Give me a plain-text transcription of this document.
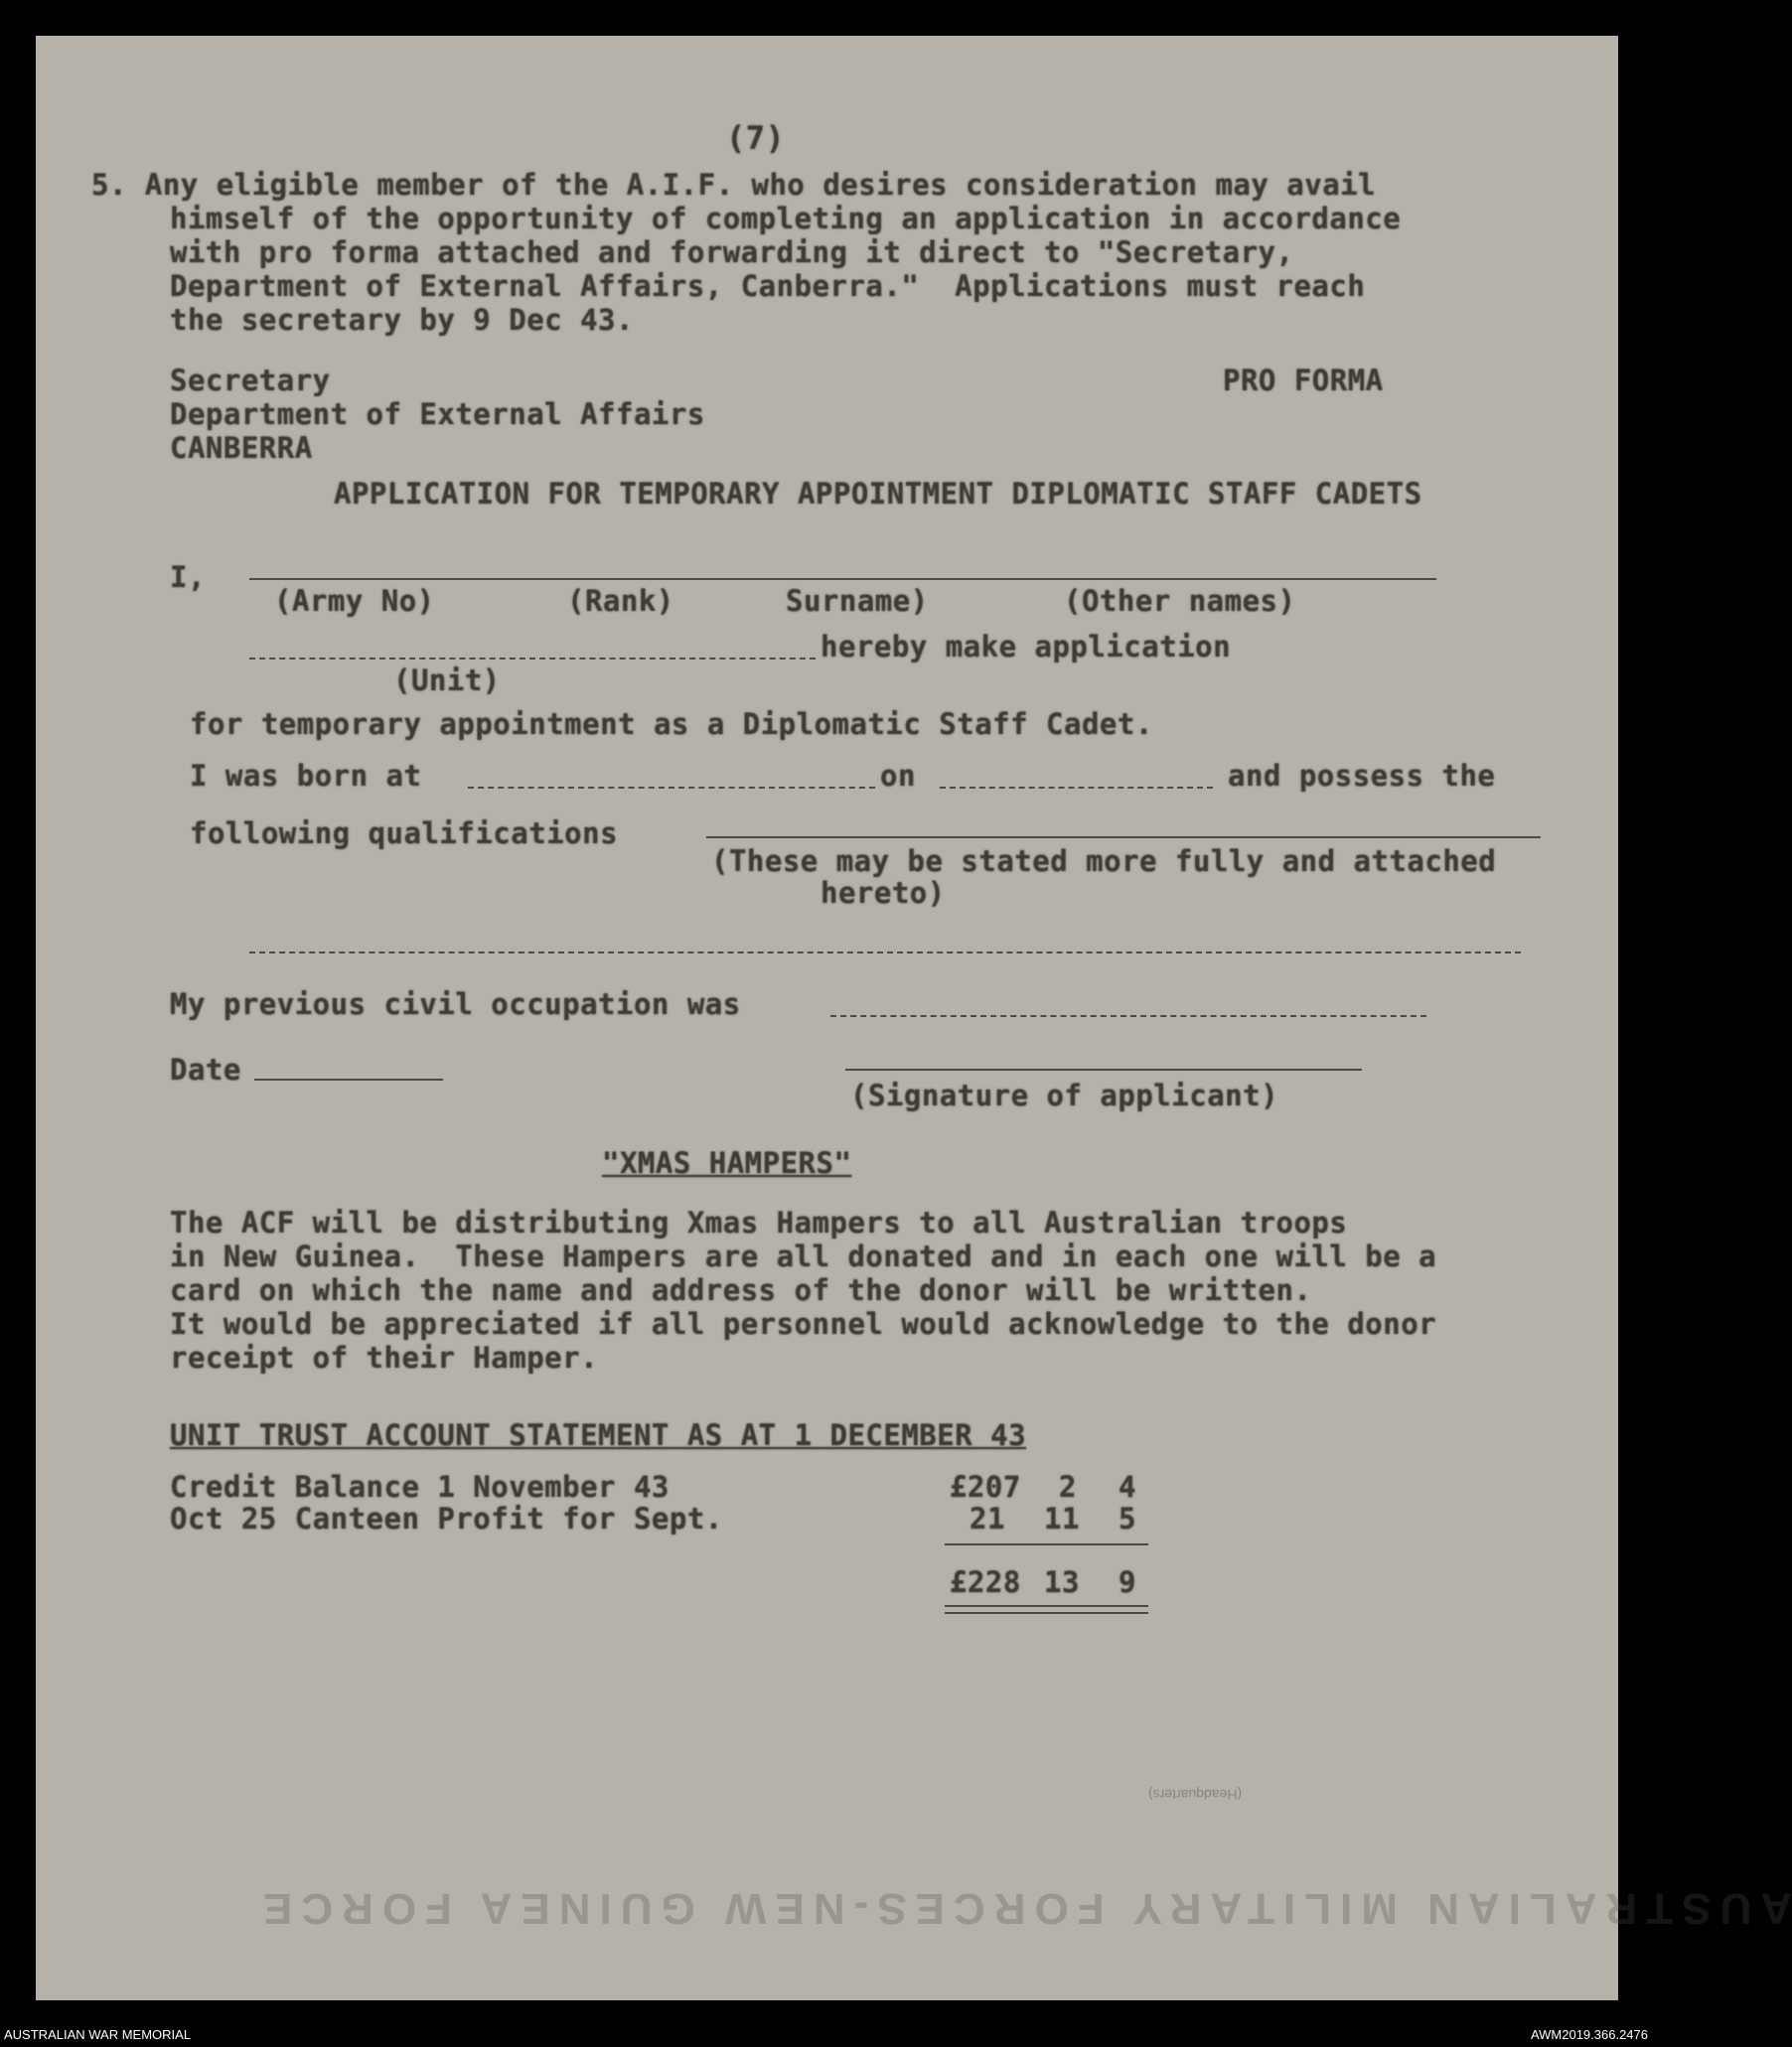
(7)
5. Any eligible member of the A.I.F. who desires consideration may avail
himself of the opportunity of completing an application in accordance
with pro forma attached and forwarding it direct to "Secretary,
Department of External Affairs, Canberra."  Applications must reach
the secretary by 9 Dec 43.
Secretary
Department of External Affairs
CANBERRA
PRO FORMA
APPLICATION FOR TEMPORARY APPOINTMENT DIPLOMATIC STAFF CADETS
I,
(Army No)	(Rank)	Surname)	(Other names)
hereby make application
(Unit)
for temporary appointment as a Diplomatic Staff Cadet.
I was born at	on	and possess the
following qualifications
(These may be stated more fully and attached
hereto)
My previous civil occupation was
Date
(Signature of applicant)
"XMAS HAMPERS"
The ACF will be distributing Xmas Hampers to all Australian troops
in New Guinea.  These Hampers are all donated and in each one will be a
card on which the name and address of the donor will be written.
It would be appreciated if all personnel would acknowledge to the donor
receipt of their Hamper.
UNIT TRUST ACCOUNT STATEMENT AS AT 1 DECEMBER 43
Credit Balance 1 November 43	£207 2 4
Oct 25 Canteen Profit for Sept.	21 11 5
£228 13 9
(Headquarters)
AUSTRALIAN MILITARY FORCES-NEW GUINEA FORCE
AUSTRALIAN WAR MEMORIAL	AWM2019.366.2476
